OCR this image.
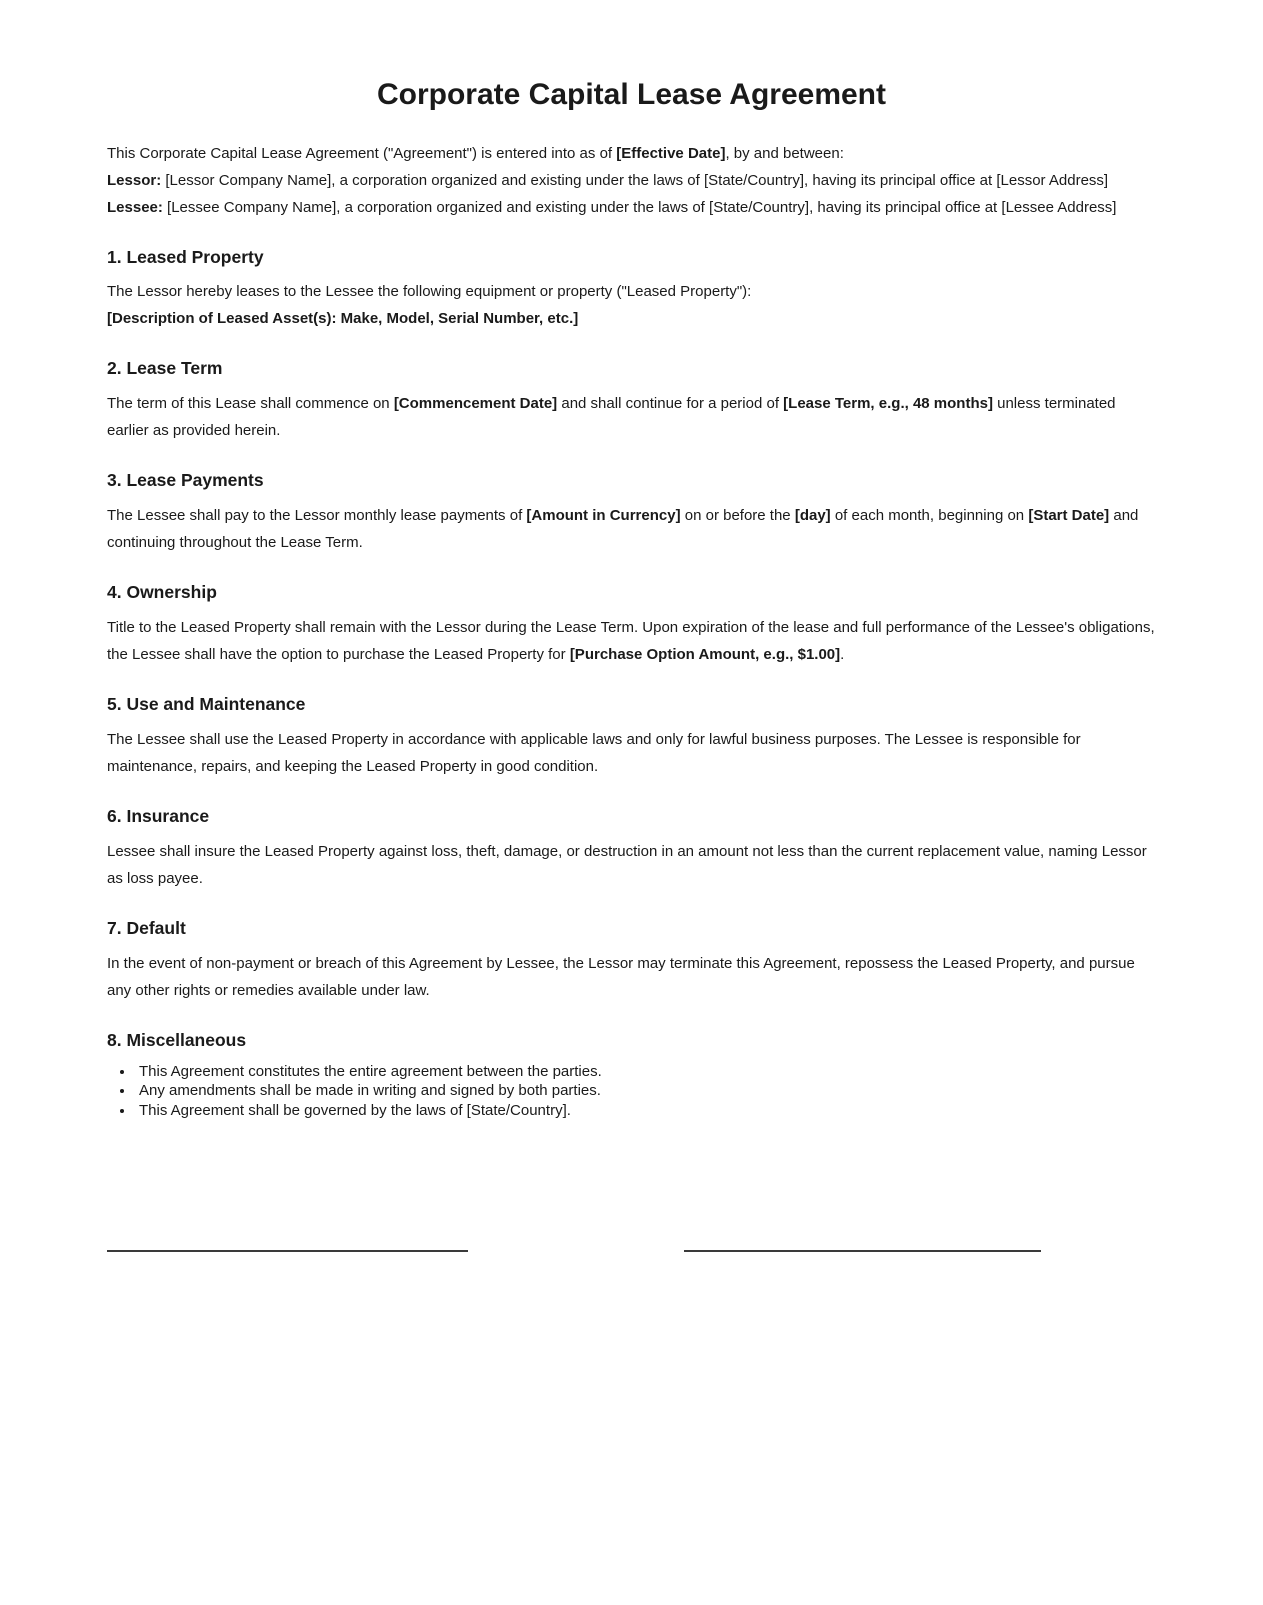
Corporate Capital Lease Agreement

This Corporate Capital Lease Agreement ("Agreement") is entered into as of [Effective Date], by and between:
Lessor: [Lessor Company Name], a corporation organized and existing under the laws of [State/Country], having its principal office at [Lessor Address]
Lessee: [Lessee Company Name], a corporation organized and existing under the laws of [State/Country], having its principal office at [Lessee Address]

1. Leased Property

The Lessor hereby leases to the Lessee the following equipment or property ("Leased Property"):
[Description of Leased Asset(s): Make, Model, Serial Number, etc.]

2. Lease Term

The term of this Lease shall commence on [Commencement Date] and shall continue for a period of [Lease Term, e.g., 48 months] unless terminated earlier as provided herein.

3. Lease Payments

The Lessee shall pay to the Lessor monthly lease payments of [Amount in Currency] on or before the [day] of each month, beginning on [Start Date] and continuing throughout the Lease Term.

4. Ownership

Title to the Leased Property shall remain with the Lessor during the Lease Term. Upon expiration of the lease and full performance of the Lessee's obligations, the Lessee shall have the option to purchase the Leased Property for [Purchase Option Amount, e.g., $1.00].

5. Use and Maintenance

The Lessee shall use the Leased Property in accordance with applicable laws and only for lawful business purposes. The Lessee is responsible for maintenance, repairs, and keeping the Leased Property in good condition.

6. Insurance

Lessee shall insure the Leased Property against loss, theft, damage, or destruction in an amount not less than the current replacement value, naming Lessor as loss payee.

7. Default

In the event of non-payment or breach of this Agreement by Lessee, the Lessor may terminate this Agreement, repossess the Leased Property, and pursue any other rights or remedies available under law.

8. Miscellaneous
• This Agreement constitutes the entire agreement between the parties.
• Any amendments shall be made in writing and signed by both parties.
• This Agreement shall be governed by the laws of [State/Country].
